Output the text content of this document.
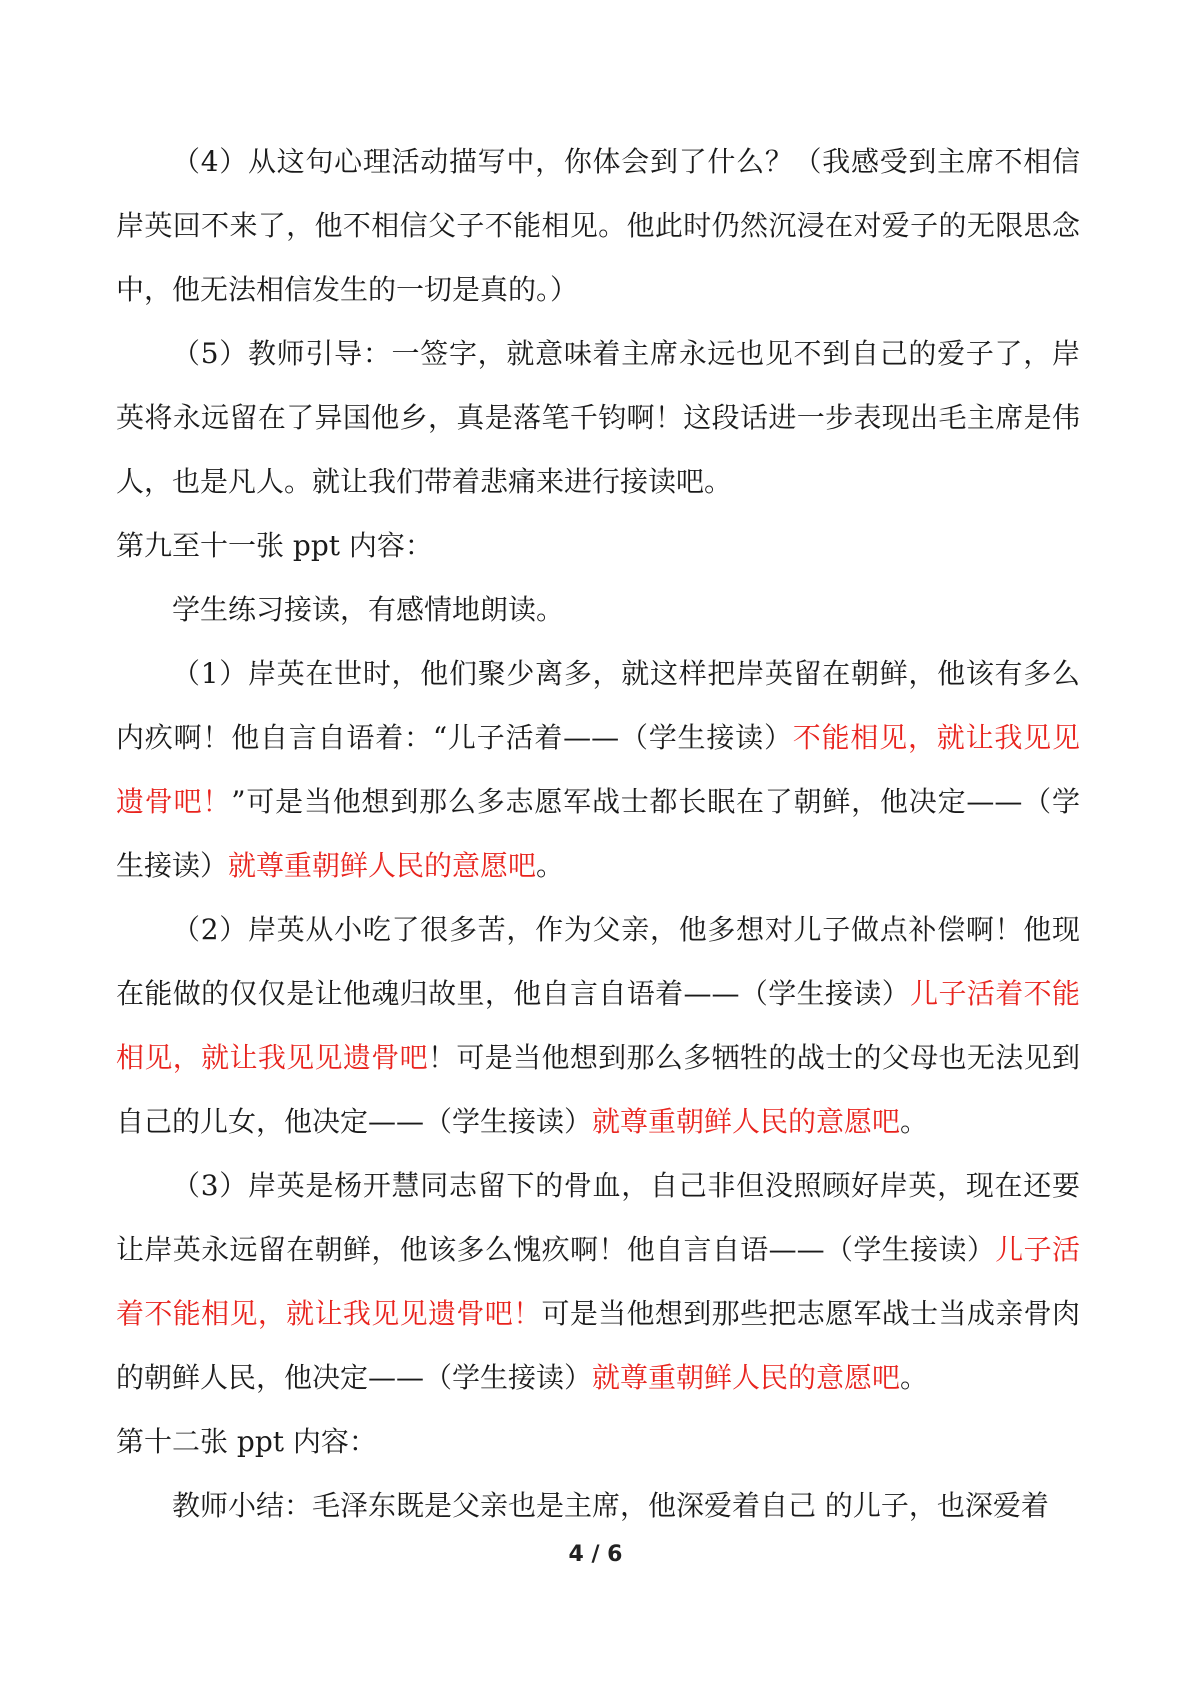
（4）从这句心理活动描写中，你体会到了什么？（我感受到主席不相信岸英回不来了，他不相信父子不能相见。他此时仍然沉浸在对爱子的无限思念中，他无法相信发生的一切是真的。）

（5）教师引导：一签字，就意味着主席永远也见不到自己的爱子了，岸英将永远留在了异国他乡，真是落笔千钧啊！这段话进一步表现出毛主席是伟人，也是凡人。就让我们带着悲痛来进行接读吧。

第九至十一张 ppt 内容：

学生练习接读，有感情地朗读。

（1）岸英在世时，他们聚少离多，就这样把岸英留在朝鲜，他该有多么内疚啊！他自言自语着：“儿子活着——（学生接读）不能相见，就让我见见遗骨吧！”可是当他想到那么多志愿军战士都长眠在了朝鲜，他决定——（学生接读）就尊重朝鲜人民的意愿吧。

（2）岸英从小吃了很多苦，作为父亲，他多想对儿子做点补偿啊！他现在能做的仅仅是让他魂归故里，他自言自语着——（学生接读）儿子活着不能相见，就让我见见遗骨吧！可是当他想到那么多牺牲的战士的父母也无法见到自己的儿女，他决定——（学生接读）就尊重朝鲜人民的意愿吧。

（3）岸英是杨开慧同志留下的骨血，自己非但没照顾好岸英，现在还要让岸英永远留在朝鲜，他该多么愧疚啊！他自言自语——（学生接读）儿子活着不能相见，就让我见见遗骨吧！可是当他想到那些把志愿军战士当成亲骨肉的朝鲜人民，他决定——（学生接读）就尊重朝鲜人民的意愿吧。

第十二张 ppt 内容：

教师小结：毛泽东既是父亲也是主席，他深爱着自己 的儿子，也深爱着

4 / 6
